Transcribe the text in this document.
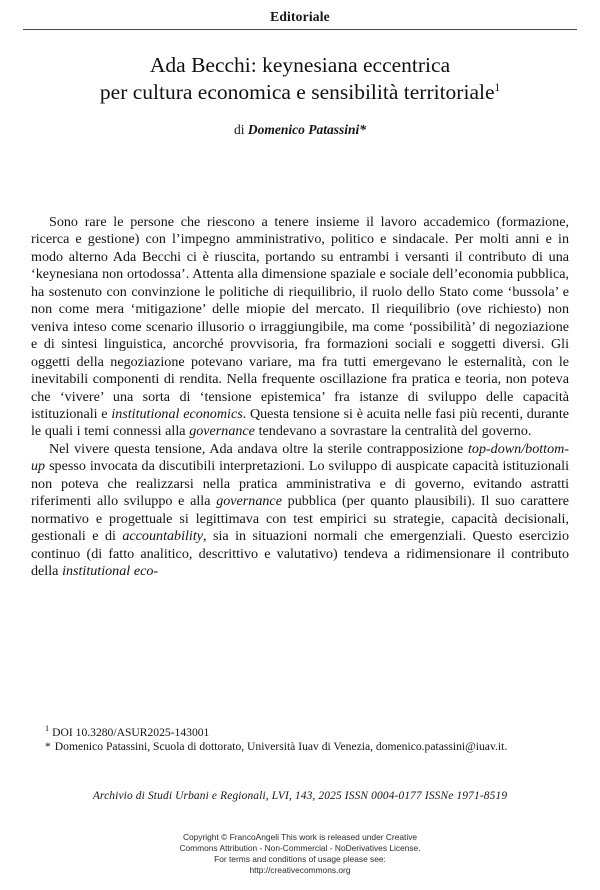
Editoriale
Ada Becchi: keynesiana eccentrica
per cultura economica e sensibilità territoriale$^1$
di Domenico Patassini*

Sono rare le persone che riescono a tenere insieme il lavoro accademico (formazione, ricerca e gestione) con l’impegno amministrativo, politico e sindacale. Per molti anni e in modo alterno Ada Becchi ci è riuscita, portando su entrambi i versanti il contributo di una ‘keynesiana non ortodossa’. Attenta alla dimensione spaziale e sociale dell’economia pubblica, ha sostenuto con convinzione le politiche di riequilibrio, il ruolo dello Stato come ‘bussola’ e non come mera ‘mitigazione’ delle miopie del mercato. Il riequilibrio (ove richiesto) non veniva inteso come scenario illusorio o irraggiungibile, ma come ‘possibilità’ di negoziazione e di sintesi linguistica, ancorché provvisoria, fra formazioni sociali e soggetti diversi. Gli oggetti della negoziazione potevano variare, ma fra tutti emergevano le esternalità, con le inevitabili componenti di rendita. Nella frequente oscillazione fra pratica e teoria, non poteva che ‘vivere’ una sorta di ‘tensione epistemica’ fra istanze di sviluppo delle capacità istituzionali e institutional economics. Questa tensione si è acuita nelle fasi più recenti, durante le quali i temi connessi alla governance tendevano a sovrastare la centralità del governo.

Nel vivere questa tensione, Ada andava oltre la sterile contrapposizione top-down/bottom-up spesso invocata da discutibili interpretazioni. Lo sviluppo di auspicate capacità istituzionali non poteva che realizzarsi nella pratica amministrativa e di governo, evitando astratti riferimenti allo sviluppo e alla governance pubblica (per quanto plausibili). Il suo carattere normativo e progettuale si legittimava con test empirici su strategie, capacità decisionali, gestionali e di accountability, sia in situazioni normali che emergenziali. Questo esercizio continuo (di fatto analitico, descrittivo e valutativo) tendeva a ridimensionare il contributo della institutional eco-

$^1$ DOI 10.3280/ASUR2025-143001

* Domenico Patassini, Scuola di dottorato, Università Iuav di Venezia, domenico.patassini@iuav.it.

Archivio di Studi Urbani e Regionali, LVI, 143, 2025 ISSN 0004-0177 ISSNe 1971-8519
Copyright © FrancoAngeli This work is released under Creative
Commons Attribution - Non-Commercial - NoDerivatives License.
For terms and conditions of usage please see:
http://creativecommons.org
